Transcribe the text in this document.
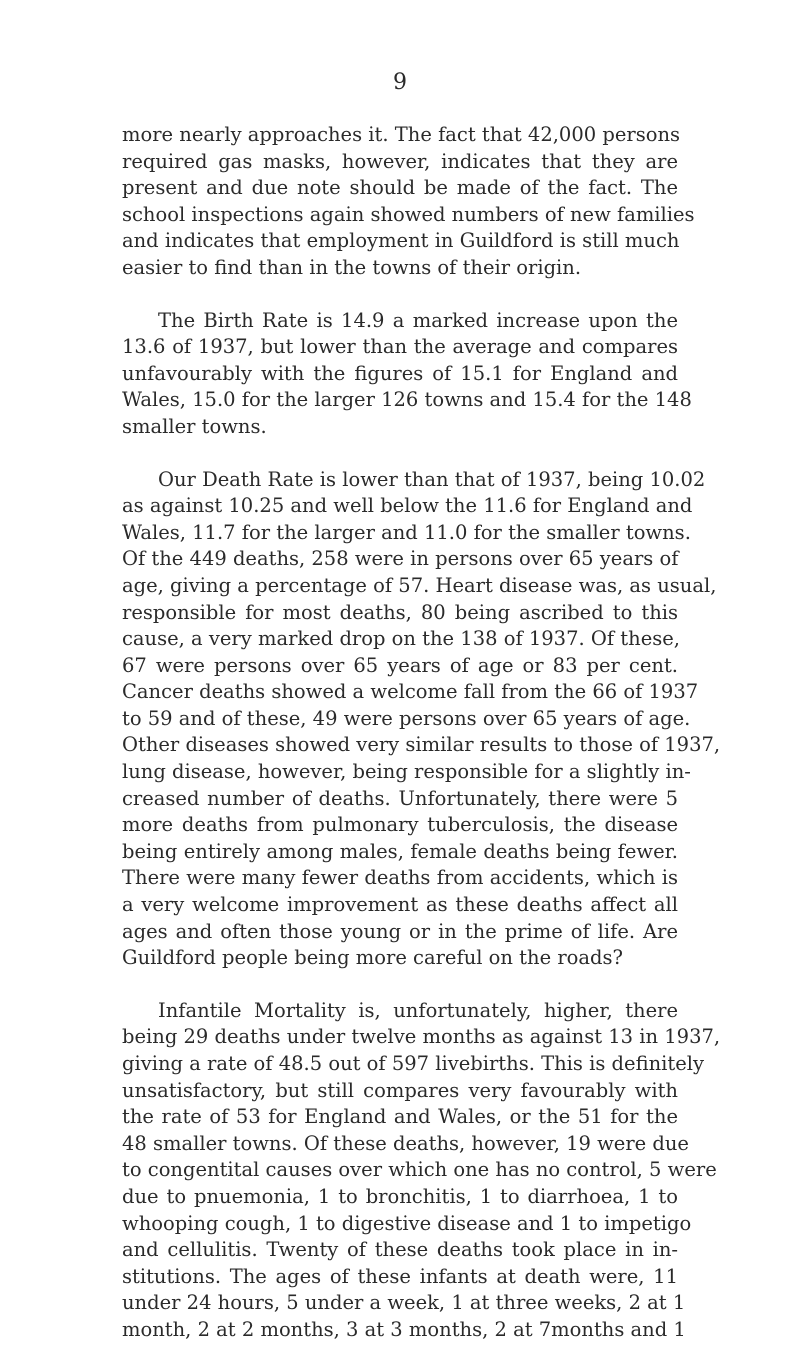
9
more nearly approaches it. The fact that 42,000 persons
required gas masks, however, indicates that they are
present and due note should be made of the fact. The
school inspections again showed numbers of new families
and indicates that employment in Guildford is still much
easier to find than in the towns of their origin.
The Birth Rate is 14.9 a marked increase upon the
13.6 of 1937, but lower than the average and compares
unfavourably with the figures of 15.1 for England and
Wales, 15.0 for the larger 126 towns and 15.4 for the 148
smaller towns.
Our Death Rate is lower than that of 1937, being 10.02
as against 10.25 and well below the 11.6 for England and
Wales, 11.7 for the larger and 11.0 for the smaller towns.
Of the 449 deaths, 258 were in persons over 65 years of
age, giving a percentage of 57. Heart disease was, as usual,
responsible for most deaths, 80 being ascribed to this
cause, a very marked drop on the 138 of 1937. Of these,
67 were persons over 65 years of age or 83 per cent.
Cancer deaths showed a welcome fall from the 66 of 1937
to 59 and of these, 49 were persons over 65 years of age.
Other diseases showed very similar results to those of 1937,
lung disease, however, being responsible for a slightly in-
creased number of deaths. Unfortunately, there were 5
more deaths from pulmonary tuberculosis, the disease
being entirely among males, female deaths being fewer.
There were many fewer deaths from accidents, which is
a very welcome improvement as these deaths affect all
ages and often those young or in the prime of life. Are
Guildford people being more careful on the roads?
Infantile Mortality is, unfortunately, higher, there
being 29 deaths under twelve months as against 13 in 1937,
giving a rate of 48.5 out of 597 livebirths. This is definitely
unsatisfactory, but still compares very favourably with
the rate of 53 for England and Wales, or the 51 for the
48 smaller towns. Of these deaths, however, 19 were due
to congentital causes over which one has no control, 5 were
due to pnuemonia, 1 to bronchitis, 1 to diarrhoea, 1 to
whooping cough, 1 to digestive disease and 1 to impetigo
and cellulitis. Twenty of these deaths took place in in-
stitutions. The ages of these infants at death were, 11
under 24 hours, 5 under a week, 1 at three weeks, 2 at 1
month, 2 at 2 months, 3 at 3 months, 2 at 7months and 1
